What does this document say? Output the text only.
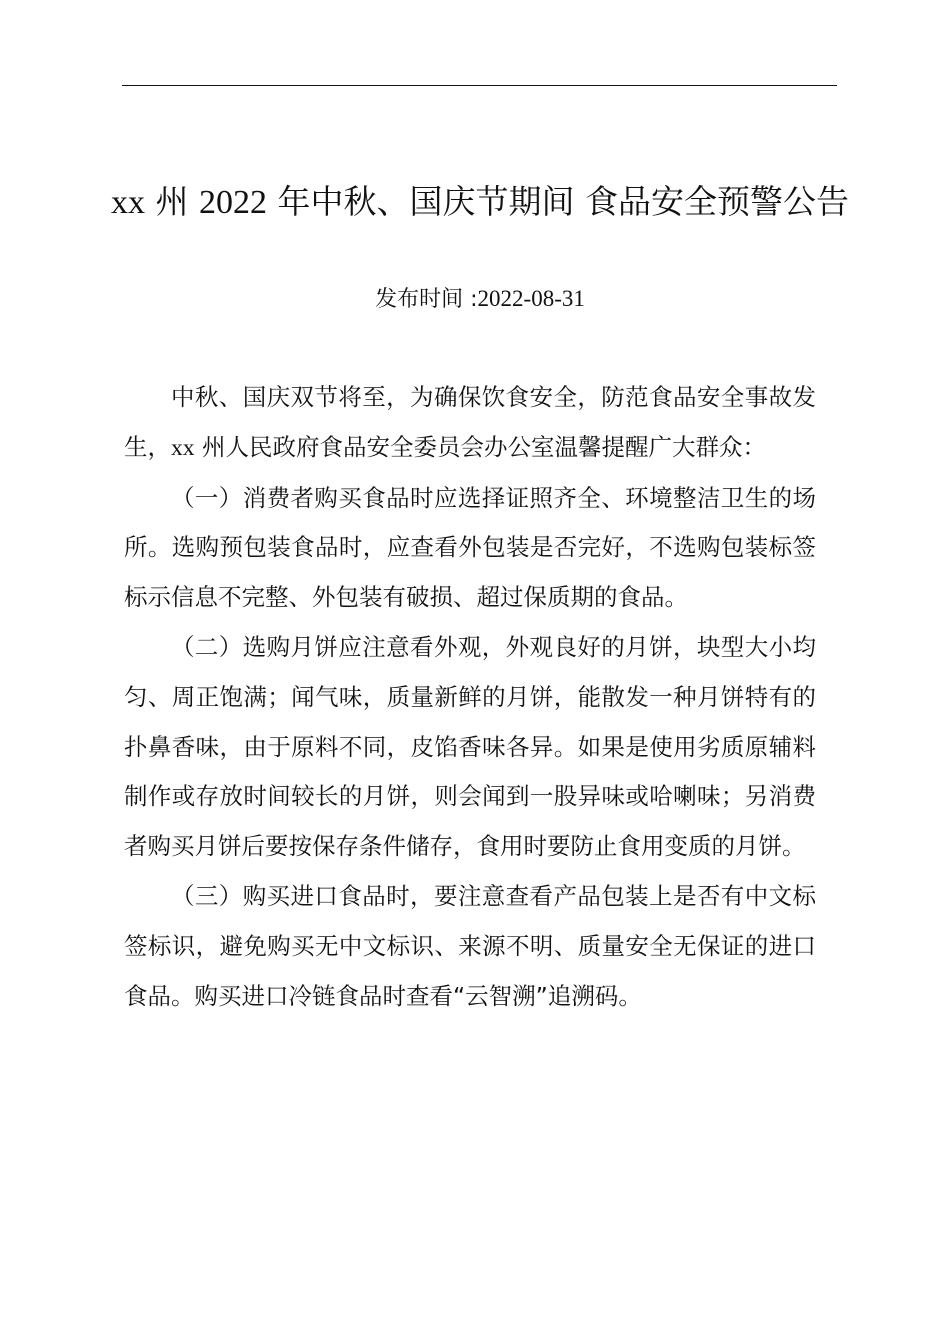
xx 州 2022 年中秋、国庆节期间 食品安全预警公告
发布时间 :2022-08-31

中秋、国庆双节将至，为确保饮食安全，防范食品安全事故发生，xx 州人民政府食品安全委员会办公室温馨提醒广大群众：

（一）消费者购买食品时应选择证照齐全、环境整洁卫生的场所。选购预包装食品时，应查看外包装是否完好，不选购包装标签标示信息不完整、外包装有破损、超过保质期的食品。

（二）选购月饼应注意看外观，外观良好的月饼，块型大小均匀、周正饱满；闻气味，质量新鲜的月饼，能散发一种月饼特有的扑鼻香味，由于原料不同，皮馅香味各异。如果是使用劣质原辅料制作或存放时间较长的月饼，则会闻到一股异味或哈喇味；另消费者购买月饼后要按保存条件储存，食用时要防止食用变质的月饼。

（三）购买进口食品时，要注意查看产品包装上是否有中文标签标识，避免购买无中文标识、来源不明、质量安全无保证的进口食品。购买进口冷链食品时查看“云智溯”追溯码。
